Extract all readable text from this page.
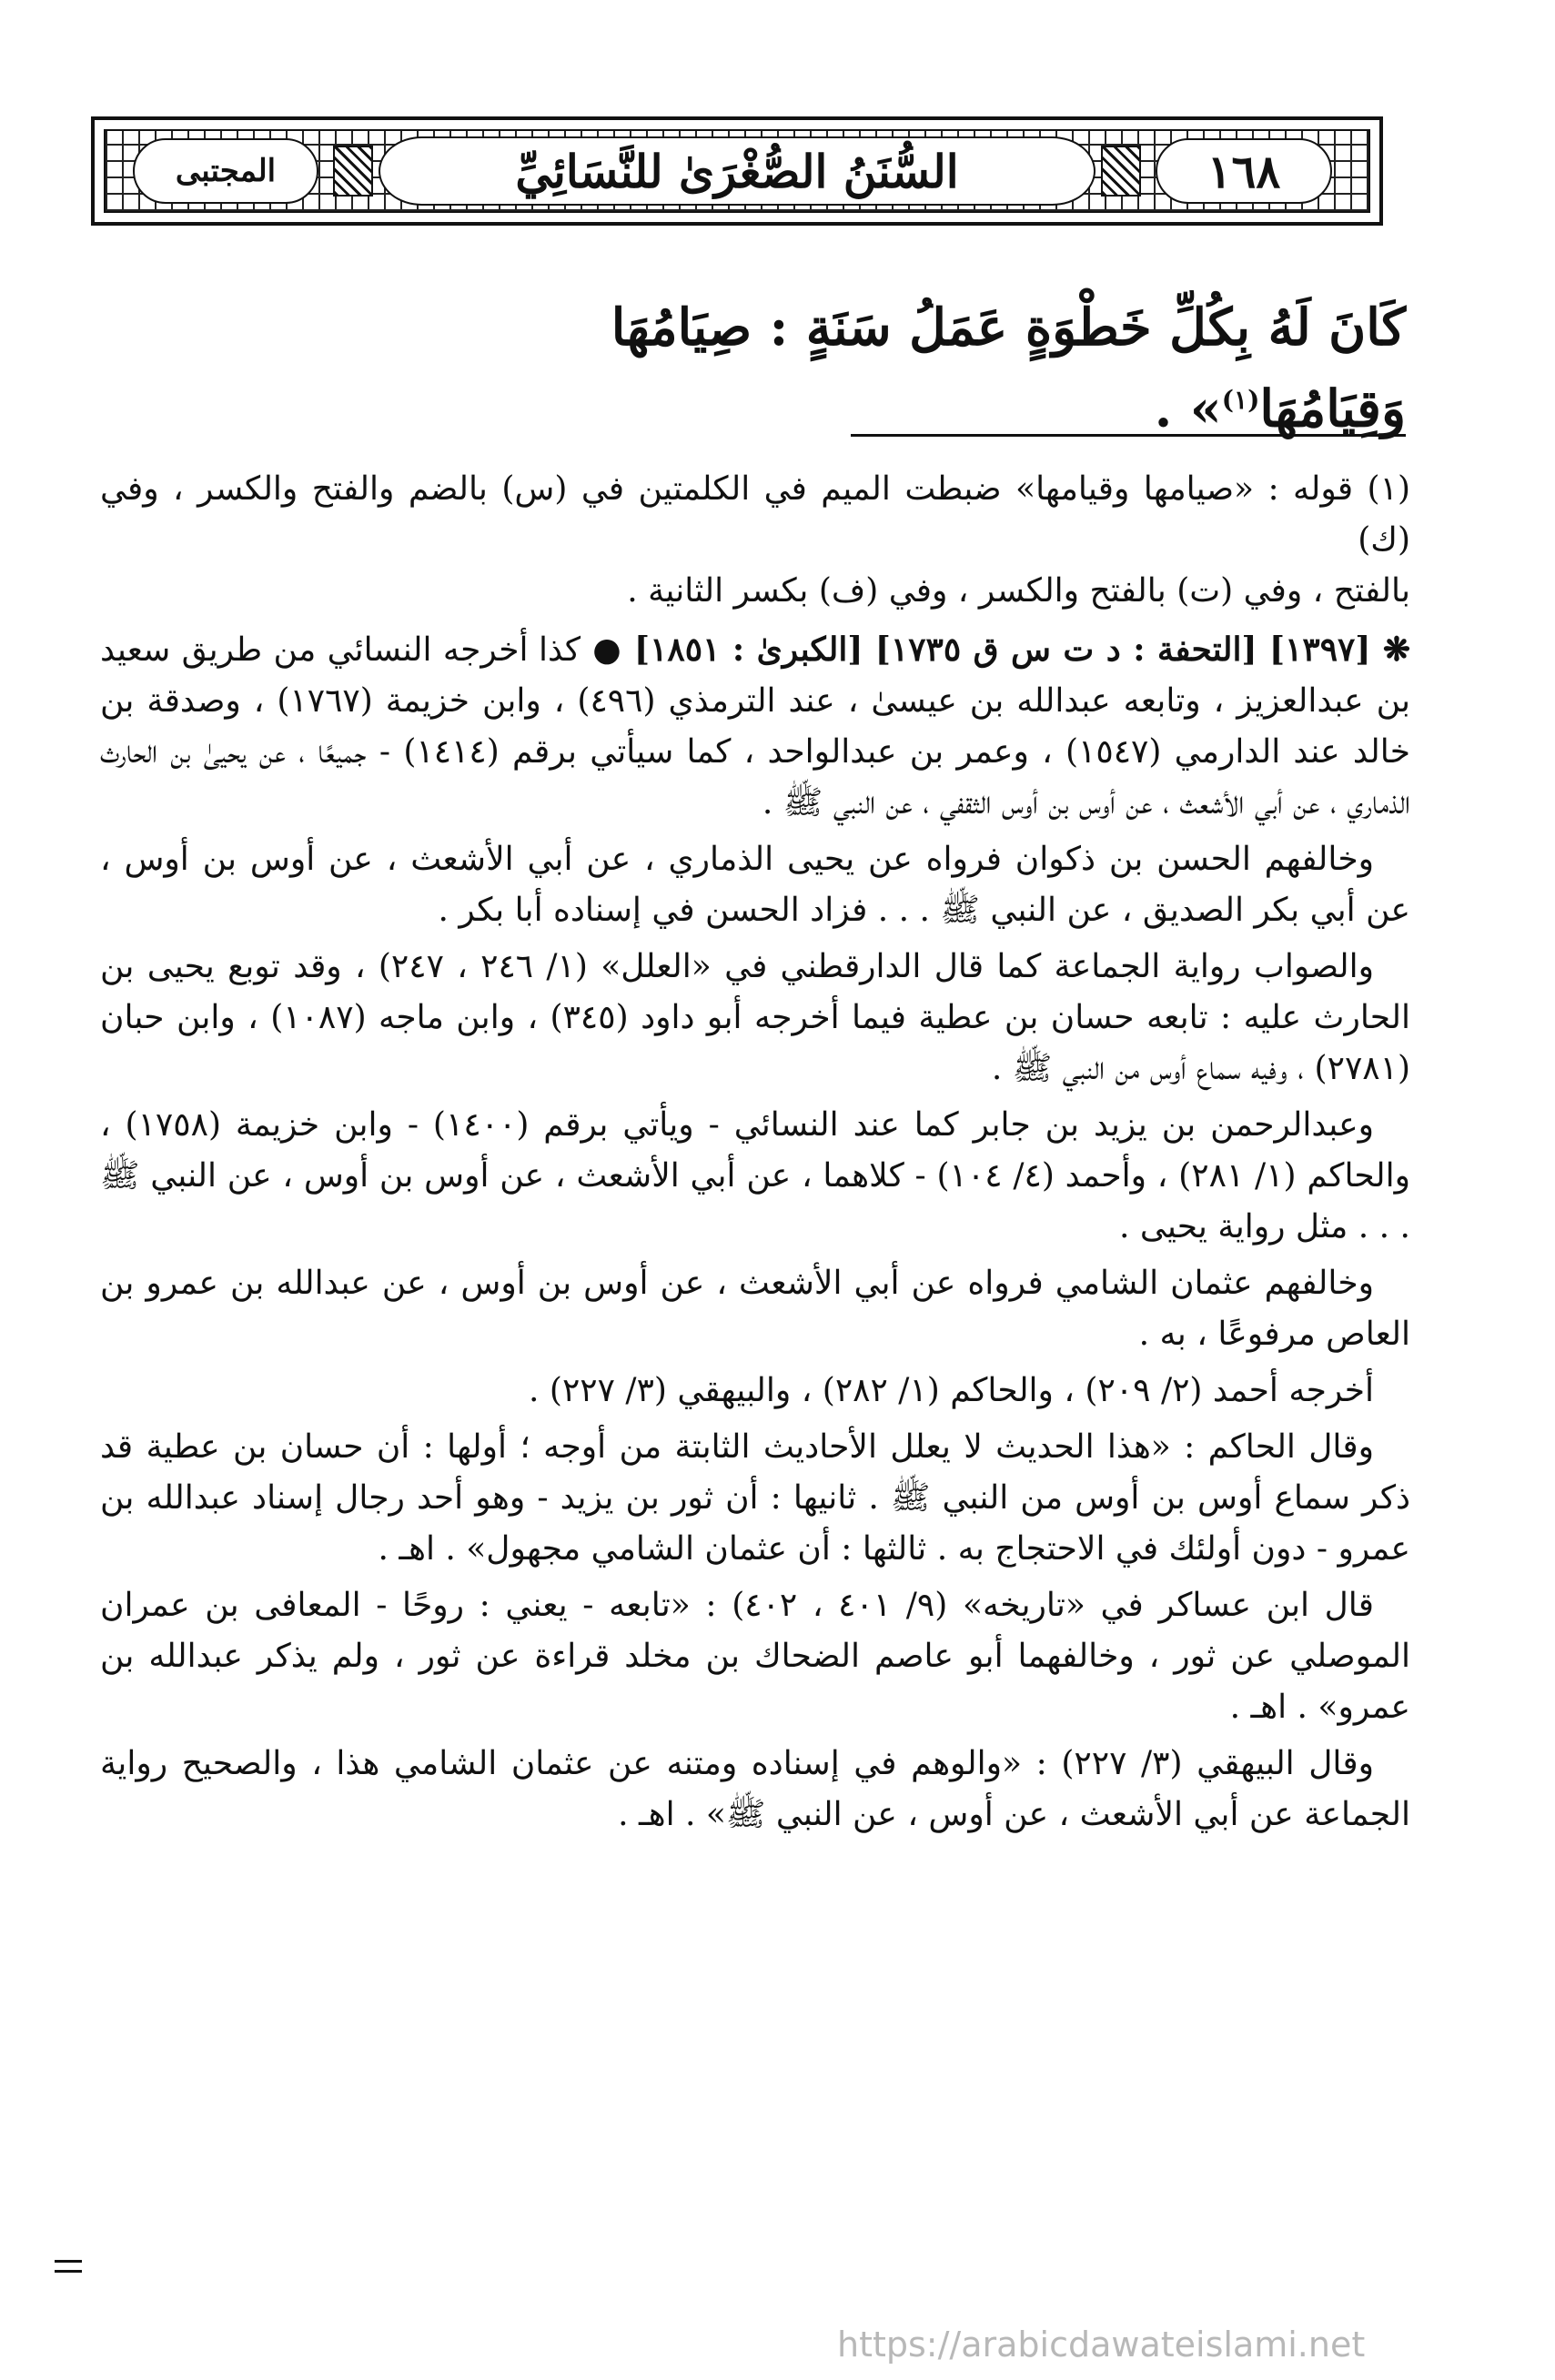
المجتبى	السُّنَنُ الصُّغْرَىٰ للنَّسَائِيِّ	١٦٨
كَانَ لَهُ بِكُلِّ خَطْوَةٍ عَمَلُ سَنَةٍ : صِيَامُهَا وَقِيَامُهَا$^{(١)}$» .
(١) قوله : «صيامها وقيامها» ضبطت الميم في الكلمتين في (س) بالضم والفتح والكسر ، وفي (ك)
بالفتح ، وفي (ت) بالفتح والكسر ، وفي (ف) بكسر الثانية .

❋ [١٣٩٧] [التحفة : د ت س ق ١٧٣٥] [الكبرىٰ : ١٨٥١] ● كذا أخرجه النسائي من طريق سعيد بن عبدالعزيز ، وتابعه عبدالله بن عيسىٰ ، عند الترمذي (٤٩٦) ، وابن خزيمة (١٧٦٧) ، وصدقة بن خالد عند الدارمي (١٥٤٧) ، وعمر بن عبدالواحد ، كما سيأتي برقم (١٤١٤) - جميعًا ، عن يحيىٰ بن الحارث الذماري ، عن أبي الأشعث ، عن أوس بن أوس الثقفي ، عن النبي ﷺ .

وخالفهم الحسن بن ذكوان فرواه عن يحيى الذماري ، عن أبي الأشعث ، عن أوس بن أوس ، عن أبي بكر الصديق ، عن النبي ﷺ . . . فزاد الحسن في إسناده أبا بكر .

والصواب رواية الجماعة كما قال الدارقطني في «العلل» (١/ ٢٤٦ ، ٢٤٧) ، وقد توبع يحيى بن الحارث عليه : تابعه حسان بن عطية فيما أخرجه أبو داود (٣٤٥) ، وابن ماجه (١٠٨٧) ، وابن حبان (٢٧٨١) ، وفيه سماع أوس من النبي ﷺ .

وعبدالرحمن بن يزيد بن جابر كما عند النسائي - ويأتي برقم (١٤٠٠) - وابن خزيمة (١٧٥٨) ، والحاكم (١/ ٢٨١) ، وأحمد (٤/ ١٠٤) - كلاهما ، عن أبي الأشعث ، عن أوس بن أوس ، عن النبي ﷺ . . . مثل رواية يحيى .

وخالفهم عثمان الشامي فرواه عن أبي الأشعث ، عن أوس بن أوس ، عن عبدالله بن عمرو بن العاص مرفوعًا ، به .

أخرجه أحمد (٢/ ٢٠٩) ، والحاكم (١/ ٢٨٢) ، والبيهقي (٣/ ٢٢٧) .

وقال الحاكم : «هذا الحديث لا يعلل الأحاديث الثابتة من أوجه ؛ أولها : أن حسان بن عطية قد ذكر سماع أوس بن أوس من النبي ﷺ . ثانيها : أن ثور بن يزيد - وهو أحد رجال إسناد عبدالله بن عمرو - دون أولئك في الاحتجاج به . ثالثها : أن عثمان الشامي مجهول» . اهـ .

قال ابن عساكر في «تاريخه» (٩/ ٤٠١ ، ٤٠٢) : «تابعه - يعني : روحًا - المعافى بن عمران الموصلي عن ثور ، وخالفهما أبو عاصم الضحاك بن مخلد قراءة عن ثور ، ولم يذكر عبدالله بن عمرو» . اهـ .

وقال البيهقي (٣/ ٢٢٧) : «والوهم في إسناده ومتنه عن عثمان الشامي هذا ، والصحيح رواية الجماعة عن أبي الأشعث ، عن أوس ، عن النبي ﷺ» . اهـ .

https://arabicdawateislami.net
